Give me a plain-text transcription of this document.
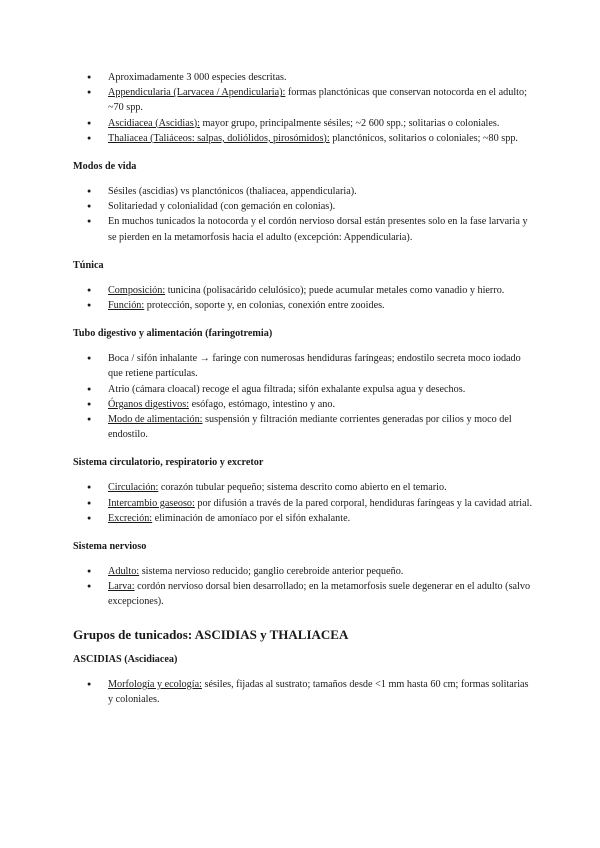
● Aproximadamente 3 000 especies descritas.
● Appendicularia (Larvacea / Apendicularia): formas planctónicas que conservan notocorda en el adulto; ~70 spp.
● Ascidiacea (Ascidias): mayor grupo, principalmente sésiles; ~2 600 spp.; solitarias o coloniales.
● Thaliacea (Taliáceos: salpas, doliólidos, pirosómidos): planctónicos, solitarios o coloniales; ~80 spp.
Modos de vida
● Sésiles (ascidias) vs planctónicos (thaliacea, appendicularia).
● Solitariedad y colonialidad (con gemación en colonias).
● En muchos tunicados la notocorda y el cordón nervioso dorsal están presentes solo en la fase larvaria y se pierden en la metamorfosis hacia el adulto (excepción: Appendicularia).
Túnica
● Composición: tunicina (polisacárido celulósico); puede acumular metales como vanadio y hierro.
● Función: protección, soporte y, en colonias, conexión entre zooides.
Tubo digestivo y alimentación (faringotremia)
● Boca / sifón inhalante → faringe con numerosas hendiduras faríngeas; endostilo secreta moco iodado que retiene partículas.
● Atrio (cámara cloacal) recoge el agua filtrada; sifón exhalante expulsa agua y desechos.
● Órganos digestivos: esófago, estómago, intestino y ano.
● Modo de alimentación: suspensión y filtración mediante corrientes generadas por cilios y moco del endostilo.
Sistema circulatorio, respiratorio y excretor
● Circulación: corazón tubular pequeño; sistema descrito como abierto en el temario.
● Intercambio gaseoso: por difusión a través de la pared corporal, hendiduras faríngeas y la cavidad atrial.
● Excreción: eliminación de amoníaco por el sifón exhalante.
Sistema nervioso
● Adulto: sistema nervioso reducido; ganglio cerebroide anterior pequeño.
● Larva: cordón nervioso dorsal bien desarrollado; en la metamorfosis suele degenerar en el adulto (salvo excepciones).
Grupos de tunicados: ASCIDIAS y THALIACEA
ASCIDIAS (Ascidiacea)
● Morfología y ecología: sésiles, fijadas al sustrato; tamaños desde <1 mm hasta 60 cm; formas solitarias y coloniales.
